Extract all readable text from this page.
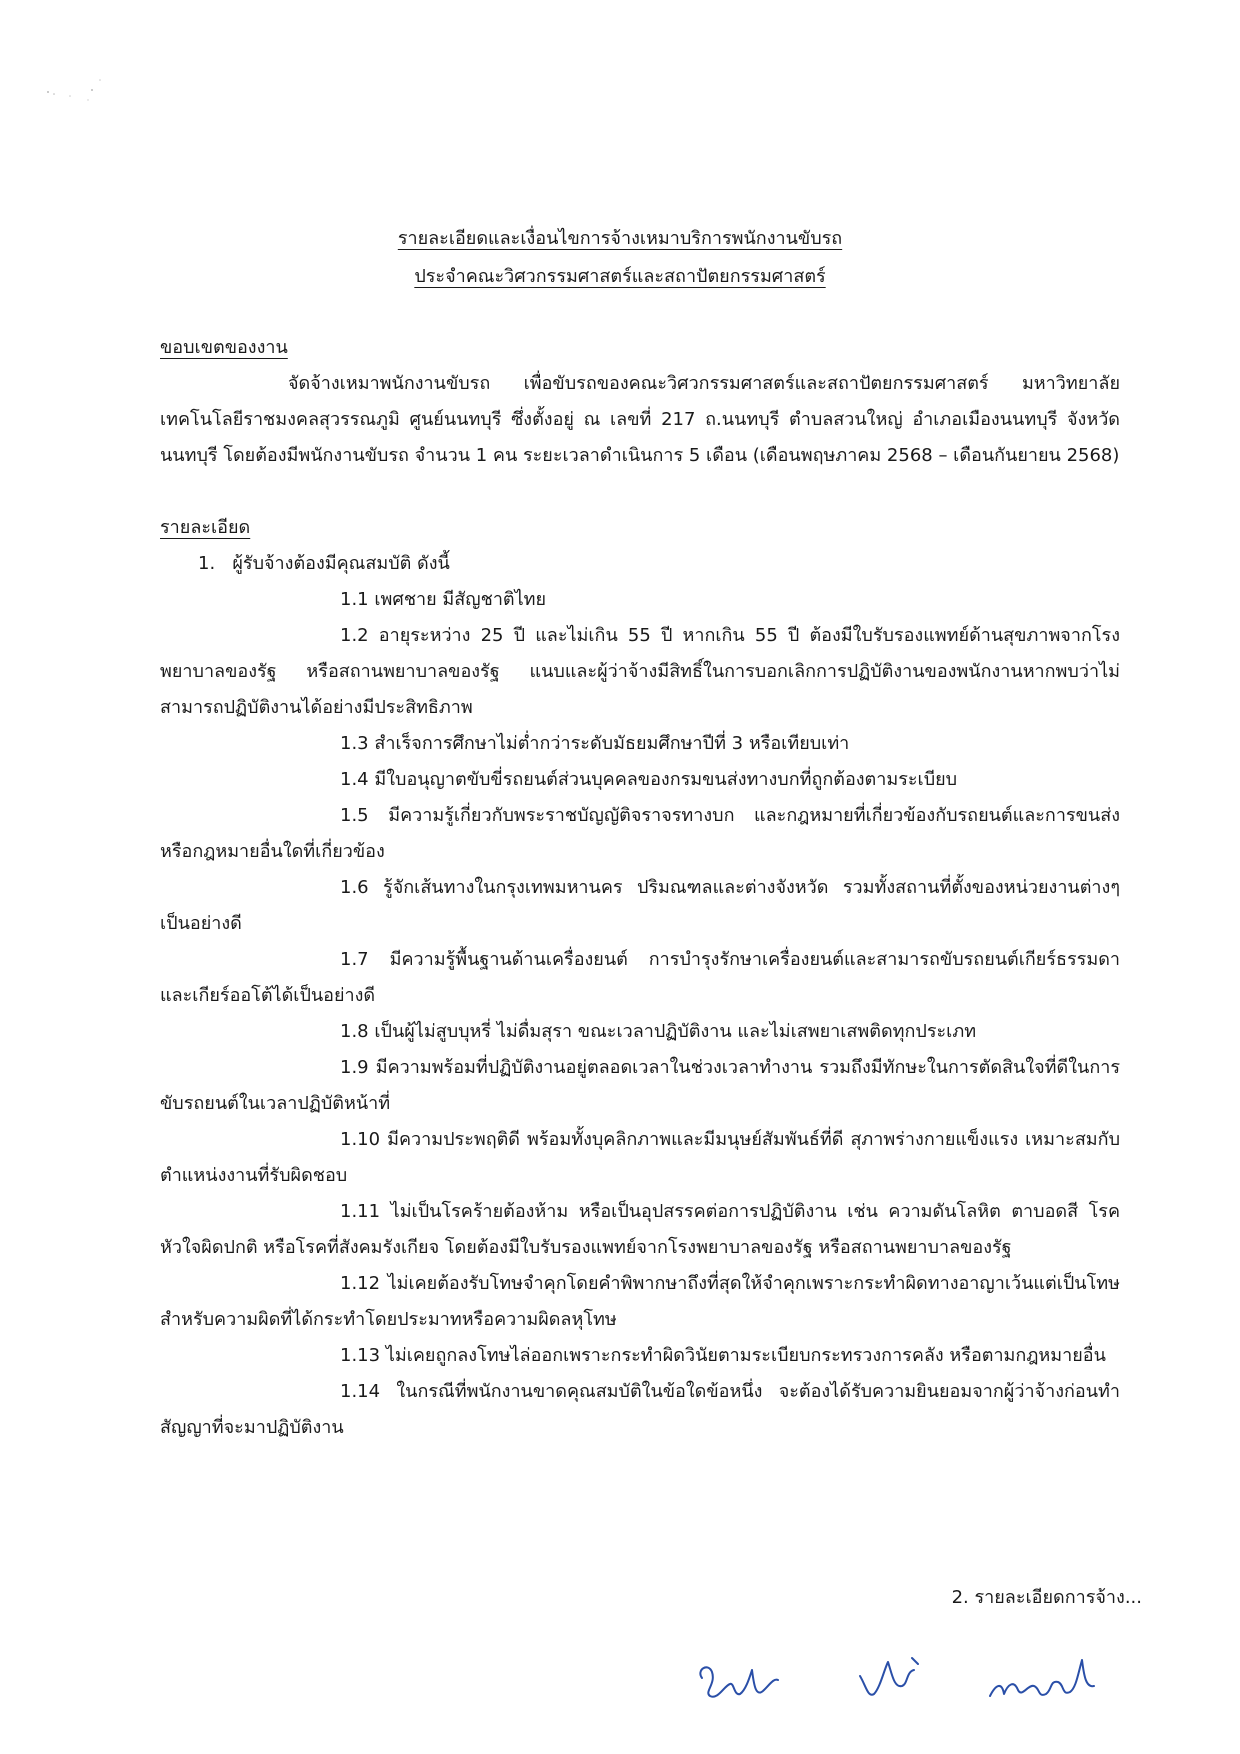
รายละเอียดและเงื่อนไขการจ้างเหมาบริการพนักงานขับรถ
ประจำคณะวิศวกรรมศาสตร์และสถาปัตยกรรมศาสตร์

ขอบเขตของงาน

จัดจ้างเหมาพนักงานขับรถ เพื่อขับรถของคณะวิศวกรรมศาสตร์และสถาปัตยกรรมศาสตร์ มหาวิทยาลัยเทคโนโลยีราชมงคลสุวรรณภูมิ ศูนย์นนทบุรี ซึ่งตั้งอยู่ ณ เลขที่ 217 ถ.นนทบุรี ตำบลสวนใหญ่ อำเภอเมืองนนทบุรี จังหวัดนนทบุรี โดยต้องมีพนักงานขับรถ จำนวน 1 คน ระยะเวลาดำเนินการ 5 เดือน (เดือนพฤษภาคม 2568 – เดือนกันยายน 2568)

รายละเอียด

1. ผู้รับจ้างต้องมีคุณสมบัติ ดังนี้

1.1 เพศชาย มีสัญชาติไทย

1.2 อายุระหว่าง 25 ปี และไม่เกิน 55 ปี หากเกิน 55 ปี ต้องมีใบรับรองแพทย์ด้านสุขภาพจากโรงพยาบาลของรัฐ หรือสถานพยาบาลของรัฐ แนบและผู้ว่าจ้างมีสิทธิ์ในการบอกเลิกการปฏิบัติงานของพนักงานหากพบว่าไม่สามารถปฏิบัติงานได้อย่างมีประสิทธิภาพ

1.3 สำเร็จการศึกษาไม่ต่ำกว่าระดับมัธยมศึกษาปีที่ 3 หรือเทียบเท่า

1.4 มีใบอนุญาตขับขี่รถยนต์ส่วนบุคคลของกรมขนส่งทางบกที่ถูกต้องตามระเบียบ

1.5 มีความรู้เกี่ยวกับพระราชบัญญัติจราจรทางบก และกฎหมายที่เกี่ยวข้องกับรถยนต์และการขนส่ง หรือกฎหมายอื่นใดที่เกี่ยวข้อง

1.6 รู้จักเส้นทางในกรุงเทพมหานคร ปริมณฑลและต่างจังหวัด รวมทั้งสถานที่ตั้งของหน่วยงานต่างๆ เป็นอย่างดี

1.7 มีความรู้พื้นฐานด้านเครื่องยนต์ การบำรุงรักษาเครื่องยนต์และสามารถขับรถยนต์เกียร์ธรรมดาและเกียร์ออโต้ได้เป็นอย่างดี

1.8 เป็นผู้ไม่สูบบุหรี่ ไม่ดื่มสุรา ขณะเวลาปฏิบัติงาน และไม่เสพยาเสพติดทุกประเภท

1.9 มีความพร้อมที่ปฏิบัติงานอยู่ตลอดเวลาในช่วงเวลาทำงาน รวมถึงมีทักษะในการตัดสินใจที่ดีในการขับรถยนต์ในเวลาปฏิบัติหน้าที่

1.10 มีความประพฤติดี พร้อมทั้งบุคลิกภาพและมีมนุษย์สัมพันธ์ที่ดี สุภาพร่างกายแข็งแรง เหมาะสมกับตำแหน่งงานที่รับผิดชอบ

1.11 ไม่เป็นโรคร้ายต้องห้าม หรือเป็นอุปสรรคต่อการปฏิบัติงาน เช่น ความดันโลหิต ตาบอดสี โรคหัวใจผิดปกติ หรือโรคที่สังคมรังเกียจ โดยต้องมีใบรับรองแพทย์จากโรงพยาบาลของรัฐ หรือสถานพยาบาลของรัฐ

1.12 ไม่เคยต้องรับโทษจำคุกโดยคำพิพากษาถึงที่สุดให้จำคุกเพราะกระทำผิดทางอาญาเว้นแต่เป็นโทษสำหรับความผิดที่ได้กระทำโดยประมาทหรือความผิดลหุโทษ

1.13 ไม่เคยถูกลงโทษไล่ออกเพราะกระทำผิดวินัยตามระเบียบกระทรวงการคลัง หรือตามกฎหมายอื่น

1.14 ในกรณีที่พนักงานขาดคุณสมบัติในข้อใดข้อหนึ่ง จะต้องได้รับความยินยอมจากผู้ว่าจ้างก่อนทำสัญญาที่จะมาปฏิบัติงาน

2. รายละเอียดการจ้าง...
